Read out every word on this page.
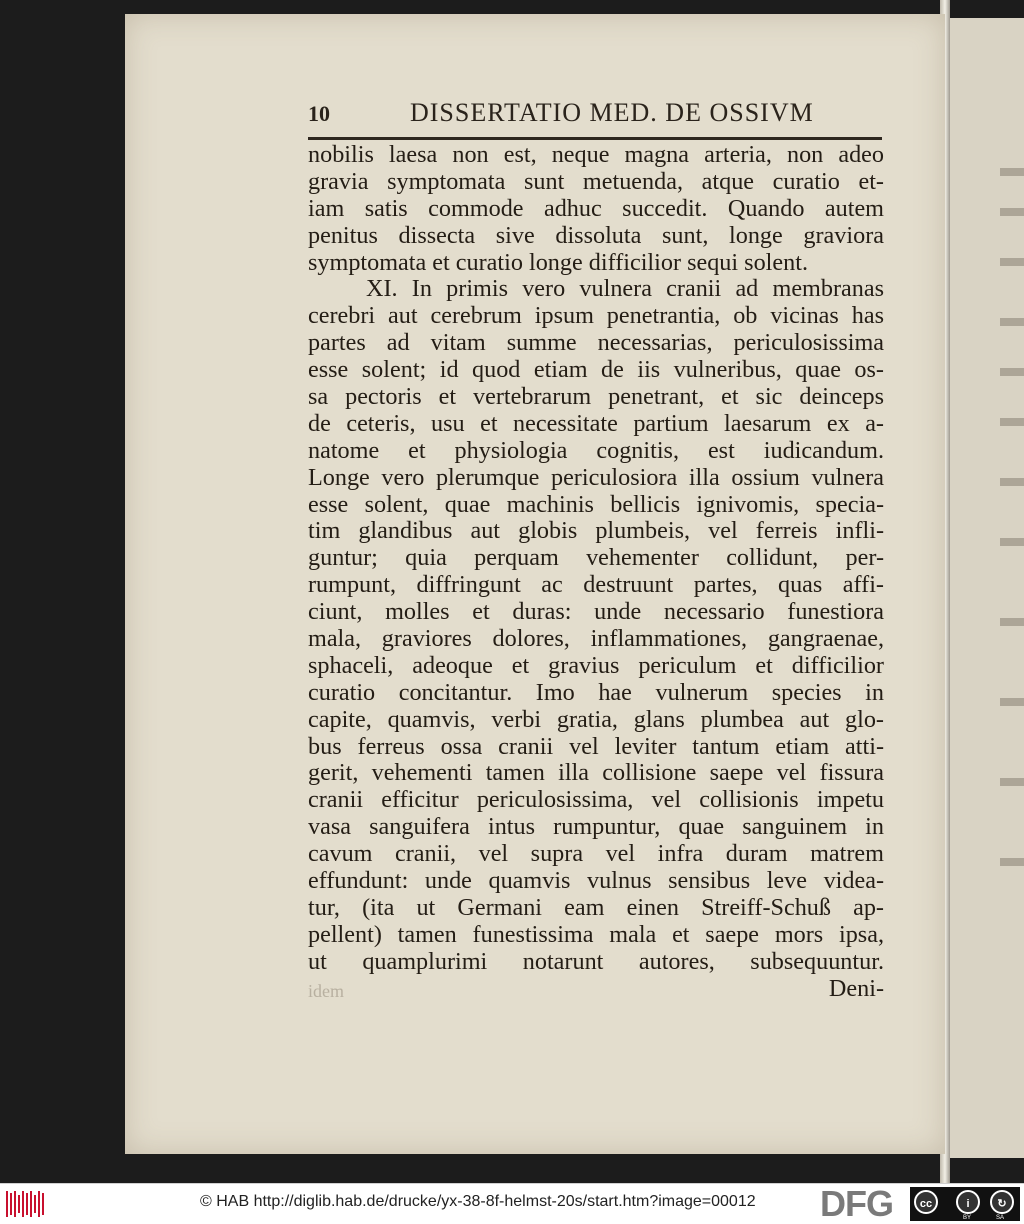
10	DISSERTATIO MED. DE OSSIVM
nobilis laesa non est, neque magna arteria, non adeo
gravia symptomata sunt metuenda, atque curatio et-
iam satis commode adhuc succedit. Quando autem
penitus dissecta sive dissoluta sunt, longe graviora
symptomata et curatio longe difficilior sequi solent.
XI. In primis vero vulnera cranii ad membranas
cerebri aut cerebrum ipsum penetrantia, ob vicinas has
partes ad vitam summe necessarias, periculosissima
esse solent; id quod etiam de iis vulneribus, quae os-
sa pectoris et vertebrarum penetrant, et sic deinceps
de ceteris, usu et necessitate partium laesarum ex a-
natome et physiologia cognitis, est iudicandum.
Longe vero plerumque periculosiora illa ossium vulnera
esse solent, quae machinis bellicis ignivomis, specia-
tim glandibus aut globis plumbeis, vel ferreis infli-
guntur; quia perquam vehementer collidunt, per-
rumpunt, diffringunt ac destruunt partes, quas affi-
ciunt, molles et duras: unde necessario funestiora
mala, graviores dolores, inflammationes, gangraenae,
sphaceli, adeoque et gravius periculum et difficilior
curatio concitantur. Imo hae vulnerum species in
capite, quamvis, verbi gratia, glans plumbea aut glo-
bus ferreus ossa cranii vel leviter tantum etiam atti-
gerit, vehementi tamen illa collisione saepe vel fissura
cranii efficitur periculosissima, vel collisionis impetu
vasa sanguifera intus rumpuntur, quae sanguinem in
cavum cranii, vel supra vel infra duram matrem
effundunt: unde quamvis vulnus sensibus leve videa-
tur, (ita ut Germani eam einen Streiff-Schuß ap-
pellent) tamen funestissima mala et saepe mors ipsa,
ut quamplurimi notarunt autores, subsequuntur.
idem	Deni-
© HAB http://diglib.hab.de/drucke/yx-38-8f-helmst-20s/start.htm?image=00012 DFG	cc	i	↻
BY	SA
